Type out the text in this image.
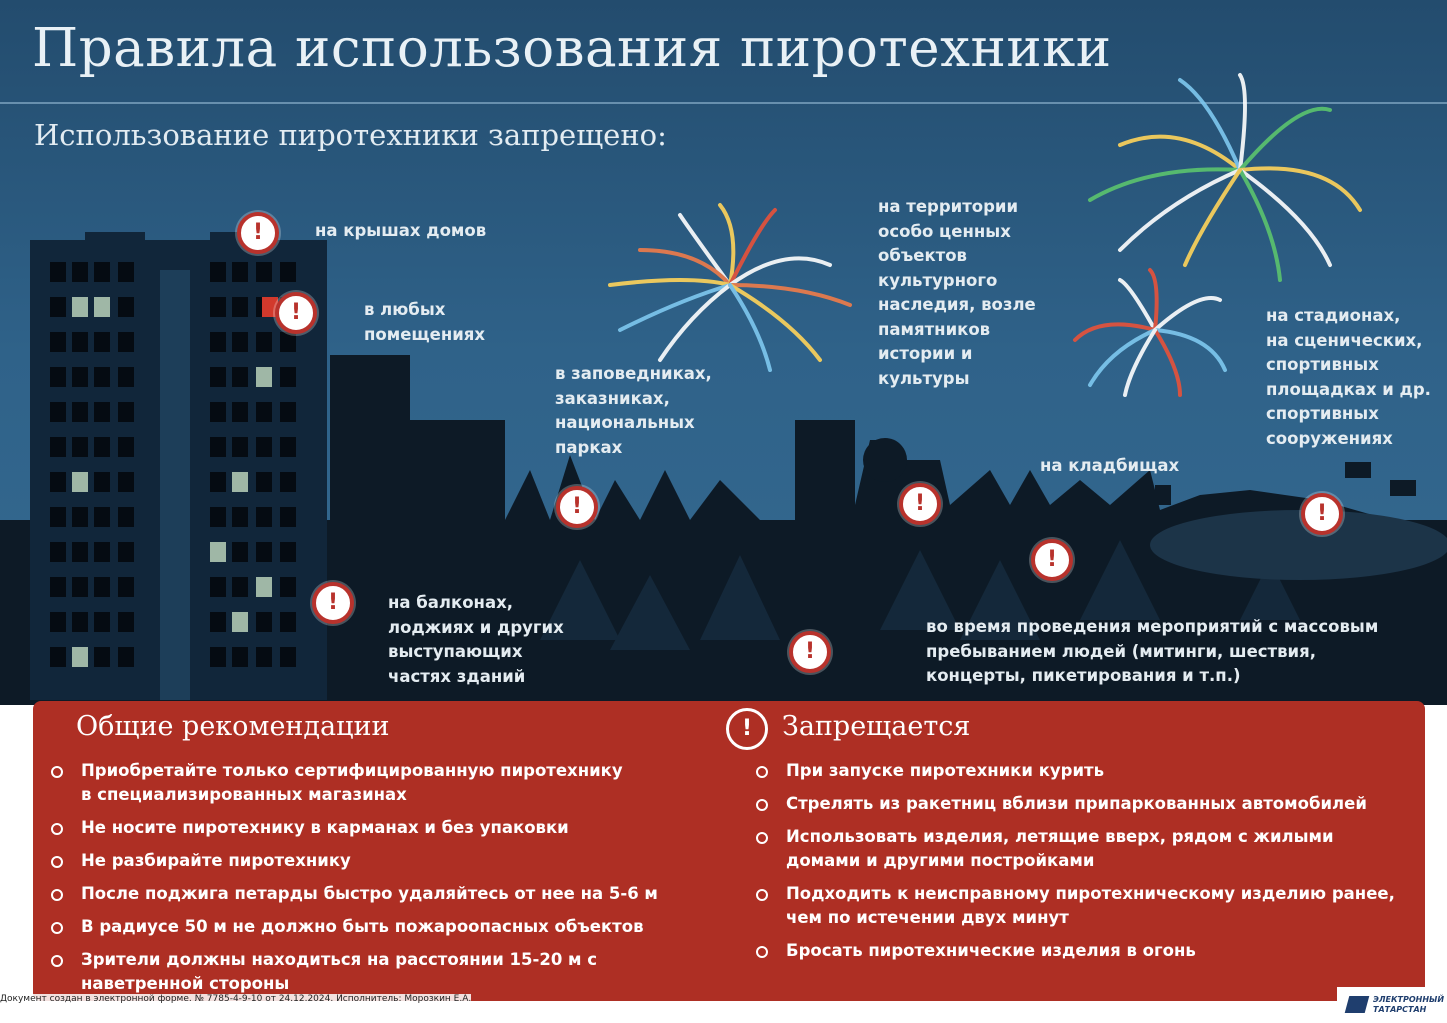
Правила использования пиротехники
Использование пиротехники запрещено:
!	на крышах домов

!	в любых
помещениях

!

в заповедниках,
заказниках,
национальных
парках

!

на территории
особо ценных
объектов
культурного
наследия, возле
памятников
истории и
культуры

!

на стадионах,
на сценических,
спортивных
площадках и др.
спортивных
сооружениях

!

на кладбищах

!	на балконах,
лоджиях и других
выступающих
частях зданий

!

во время проведения мероприятий с массовым
пребыванием людей (митинги, шествия,
концерты, пикетирования и т.п.)

Общие рекомендации
Приобретайте только сертифицированную пиротехнику
в специализированных магазинах
Не носите пиротехнику в карманах и без упаковки
Не разбирайте пиротехнику
После поджига петарды быстро удаляйтесь от нее на 5-6 м
В радиусе 50 м не должно быть пожароопасных объектов
Зрители должны находиться на расстоянии 15-20 м с
наветренной стороны
!	Запрещается
При запуске пиротехники курить
Стрелять из ракетниц вблизи припаркованных автомобилей
Использовать изделия, летящие вверх, рядом с жилыми
домами и другими постройками
Подходить к неисправному пиротехническому изделию ранее,
чем по истечении двух минут
Бросать пиротехнические изделия в огонь
Документ создан в электронной форме. № 7785-4-9-10 от 24.12.2024. Исполнитель: Морозкин Е.А.	ЭЛЕКТРОННЫЙ
ТАТАРСТАН
